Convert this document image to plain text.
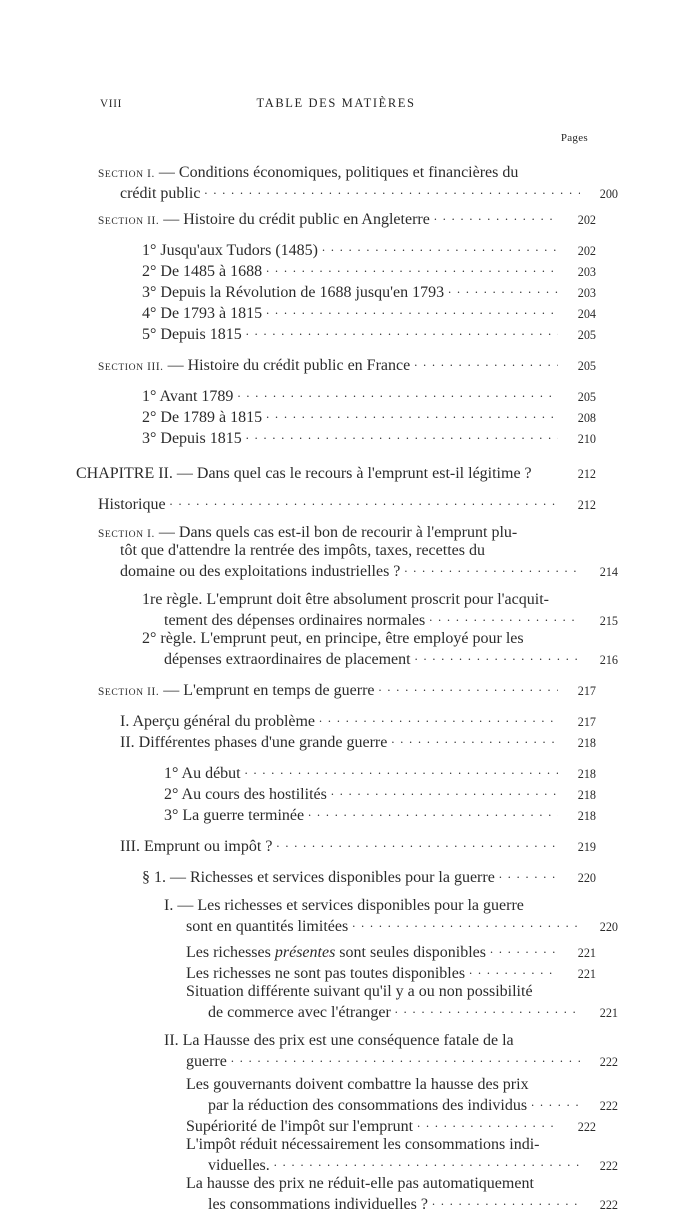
VIII	TABLE DES MATIÈRES
Pages
SECTION I. — Conditions économiques, politiques et financières du
crédit public . . .	200
SECTION II. — Histoire du crédit public en Angleterre . . .	202
1° Jusqu'aux Tudors (1485) . . .	202
2° De 1485 à 1688 . . .	203
3° Depuis la Révolution de 1688 jusqu'en 1793 . . .	203
4° De 1793 à 1815 . . .	204
5° Depuis 1815 . . .	205
SECTION III. — Histoire du crédit public en France . . .	205
1° Avant 1789 . . .	205
2° De 1789 à 1815 . . .	208
3° Depuis 1815 . . .	210
CHAPITRE II. — Dans quel cas le recours à l'emprunt est-il légitime ?	212
Historique . . .	212
SECTION I. — Dans quels cas est-il bon de recourir à l'emprunt plu-
tôt que d'attendre la rentrée des impôts, taxes, recettes du
domaine ou des exploitations industrielles ? . . .	214
1re règle. L'emprunt doit être absolument proscrit pour l'acquit-
tement des dépenses ordinaires normales . . .	215
2° règle. L'emprunt peut, en principe, être employé pour les
dépenses extraordinaires de placement . . .	216
SECTION II. — L'emprunt en temps de guerre . . .	217
I. Aperçu général du problème . . .	217
II. Différentes phases d'une grande guerre . . .	218
1° Au début . . .	218
2° Au cours des hostilités . . .	218
3° La guerre terminée . . .	218
III. Emprunt ou impôt ? . . .	219
§ 1. — Richesses et services disponibles pour la guerre . . .	220
I. — Les richesses et services disponibles pour la guerre
sont en quantités limitées . . .	220
Les richesses présentes sont seules disponibles . . .	221
Les richesses ne sont pas toutes disponibles . . .	221
Situation différente suivant qu'il y a ou non possibilité
de commerce avec l'étranger . . .	221
II. La Hausse des prix est une conséquence fatale de la
guerre . . .	222
Les gouvernants doivent combattre la hausse des prix
par la réduction des consommations des individus . . .	222
Supériorité de l'impôt sur l'emprunt . . .	222
L'impôt réduit nécessairement les consommations indi-
viduelles. . . .	222
La hausse des prix ne réduit-elle pas automatiquement
les consommations individuelles ? . . .	222
